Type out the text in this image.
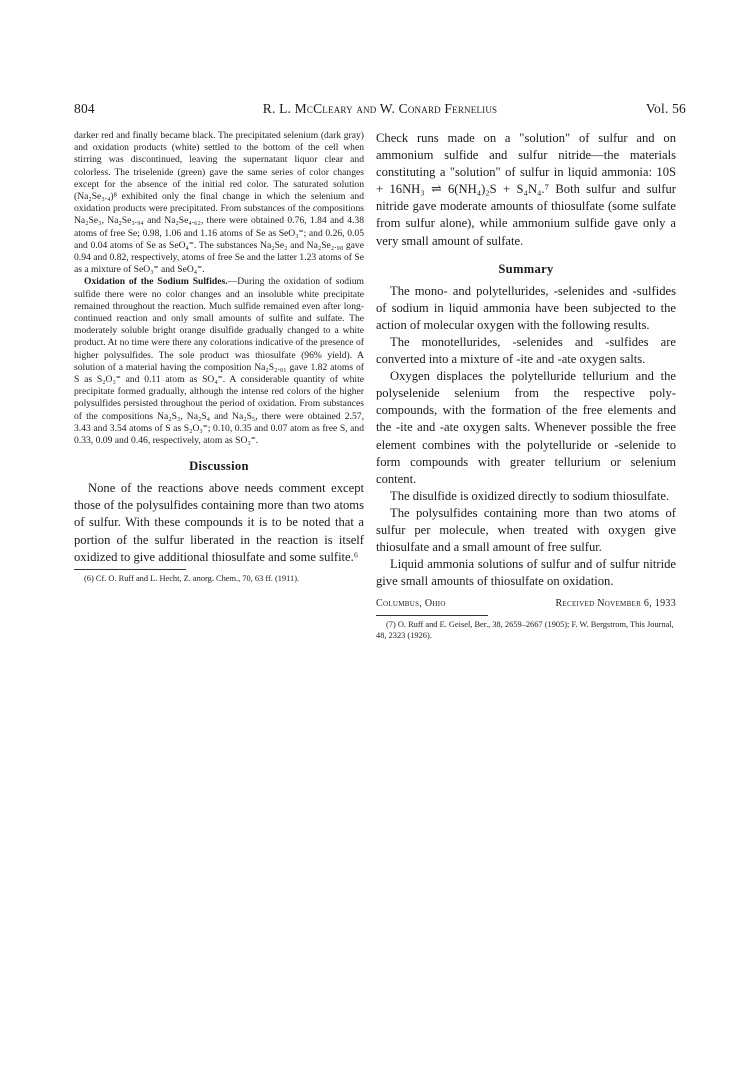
804	R. L. McCleary and W. Conard Fernelius	Vol. 56

darker red and finally became black. The precipitated selenium (dark gray) and oxidation products (white) settled to the bottom of the cell when stirring was discontinued, leaving the supernatant liquor clear and colorless. The triselenide (green) gave the same series of color changes except for the absence of the initial red color. The saturated solution (Na₂Se₃.₄)⁸ exhibited only the final change in which the selenium and oxidation products were precipitated. From substances of the compositions Na₂Se₃, Na₂Se₃.₉₄ and Na₂Se₄.₆₂, there were obtained 0.76, 1.84 and 4.38 atoms of free Se; 0.98, 1.06 and 1.16 atoms of Se as SeO₃⁼; and 0.26, 0.05 and 0.04 atoms of Se as SeO₄⁼. The substances Na₂Se₂ and Na₂Se₂.₉₈ gave 0.94 and 0.82, respectively, atoms of free Se and the latter 1.23 atoms of Se as a mixture of SeO₃⁼ and SeO₄⁼.

Oxidation of the Sodium Sulfides.—During the oxidation of sodium sulfide there were no color changes and an insoluble white precipitate remained throughout the reaction. Much sulfide remained even after long-continued reaction and only small amounts of sulfite and sulfate. The moderately soluble bright orange disulfide gradually changed to a white product. At no time were there any colorations indicative of the presence of higher polysulfides. The sole product was thiosulfate (96% yield). A solution of a material having the composition Na₂S₂.₀₁ gave 1.82 atoms of S as S₂O₃⁼ and 0.11 atom as SO₄⁼. A considerable quantity of white precipitate formed gradually, although the intense red colors of the higher polysulfides persisted throughout the period of oxidation. From substances of the compositions Na₂S₃, Na₂S₄ and Na₂S₅, there were obtained 2.57, 3.43 and 3.54 atoms of S as S₂O₃⁼; 0.10, 0.35 and 0.07 atom as free S, and 0.33, 0.09 and 0.46, respectively, atom as SO₃⁼.

Discussion

None of the reactions above needs comment except those of the polysulfides containing more than two atoms of sulfur. With these compounds it is to be noted that a portion of the sulfur liberated in the reaction is itself oxidized to give additional thiosulfate and some sulfite.⁶

(6) Cf. O. Ruff and L. Hecht, Z. anorg. Chem., 70, 63 ff. (1911).

Check runs made on a "solution" of sulfur and on ammonium sulfide and sulfur nitride—the materials constituting a "solution" of sulfur in liquid ammonia: 10S + 16NH₃ ⇌ 6(NH₄)₂S + S₄N₄.⁷ Both sulfur and sulfur nitride gave moderate amounts of thiosulfate (some sulfate from sulfur alone), while ammonium sulfide gave only a very small amount of sulfate.

Summary

The mono- and polytellurides, -selenides and -sulfides of sodium in liquid ammonia have been subjected to the action of molecular oxygen with the following results.

The monotellurides, -selenides and -sulfides are converted into a mixture of -ite and -ate oxygen salts.

Oxygen displaces the polytelluride tellurium and the polyselenide selenium from the respective poly-compounds, with the formation of the free elements and the -ite and -ate oxygen salts. Whenever possible the free element combines with the polytelluride or -selenide to form compounds with greater tellurium or selenium content.

The disulfide is oxidized directly to sodium thiosulfate.

The polysulfides containing more than two atoms of sulfur per molecule, when treated with oxygen give thiosulfate and a small amount of free sulfur.

Liquid ammonia solutions of sulfur and of sulfur nitride give small amounts of thiosulfate on oxidation.

Columbus, Ohio	Received November 6, 1933
(7) O. Ruff and E. Geisel, Ber., 38, 2659–2667 (1905); F. W. Bergstrom, This Journal, 48, 2323 (1926).
